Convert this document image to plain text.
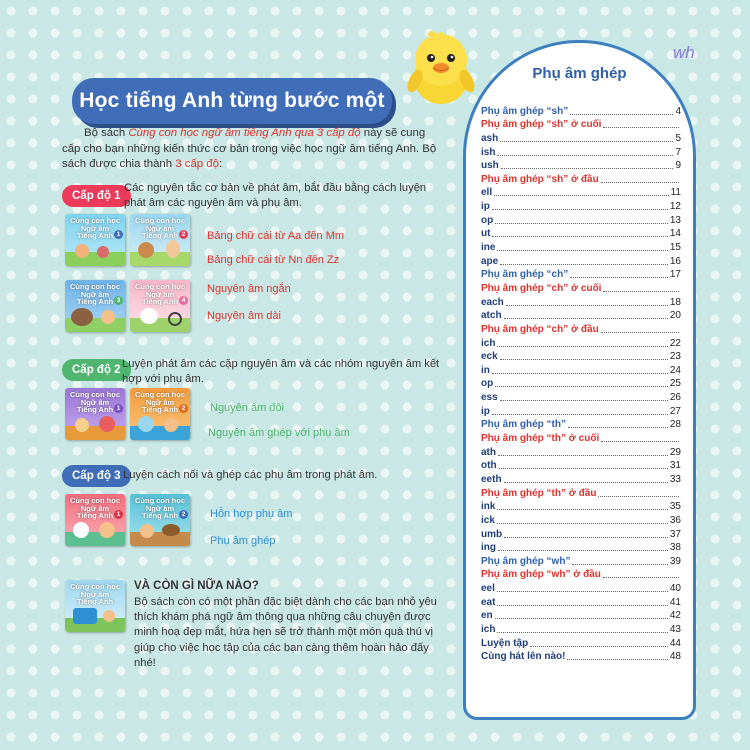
Học tiếng Anh từng bước một
wh
Bộ sách Cùng con học ngữ âm tiếng Anh qua 3 cấp độ này sẽ cung cấp cho bạn những kiến thức cơ bản trong việc học ngữ âm tiếng Anh. Bộ sách được chia thành 3 cấp độ:
Cấp độ 1
Các nguyên tắc cơ bản về phát âm, bắt đầu bằng cách luyện phát âm các nguyên âm và phụ âm.
Cấp độ 2 Luyện phát âm các cặp nguyên âm và các nhóm nguyên âm kết hợp với phụ âm.
Cấp độ 3 Luyện cách nối và ghép các phụ âm trong phát âm.
Cùng con học
Ngữ âm
Tiếng Anh 1
Cùng con học
Ngữ âm
Tiếng Anh 2
Cùng con học
Ngữ âm
Tiếng Anh 3
Cùng con học
Ngữ âm
Tiếng Anh 4
Cùng con học
Ngữ âm
Tiếng Anh 1
Cùng con học
Ngữ âm
Tiếng Anh 2
Cùng con học
Ngữ âm
Tiếng Anh 1
Cùng con học
Ngữ âm
Tiếng Anh 2
Cùng con học
Ngữ âm
Tiếng Anh
Bảng chữ cái từ Aa đến Mm
Bảng chữ cái từ Nn đến Zz
Nguyên âm ngắn
Nguyên âm dài
Nguyên âm đôi
Nguyên âm ghép với phụ âm
Hỗn hợp phụ âm
Phụ âm ghép
VÀ CÒN GÌ NỮA NÀO?
Bộ sách còn có một phần đặc biệt dành cho các bạn nhỏ yêu thích khám phá ngữ âm thông qua những câu chuyện được minh hoạ đẹp mắt, hứa hẹn sẽ trở thành một món quà thú vị giúp cho việc học tập của các bạn càng thêm hoàn hảo đấy nhé!
Phụ âm ghép
Phụ âm ghép “sh”	4
Phụ âm ghép “sh” ở cuối
ash	5
ish	7
ush	9
Phụ âm ghép “sh” ở đầu
ell	11
ip	12
op	13
ut	14
ine	15
ape	16
Phụ âm ghép “ch”	17
Phụ âm ghép “ch” ở cuối
each	18
atch	20
Phụ âm ghép “ch” ở đầu
ich	22
eck	23
in	24
op	25
ess	26
ip	27
Phụ âm ghép “th”	28
Phụ âm ghép “th” ở cuối
ath	29
oth	31
eeth	33
Phụ âm ghép “th” ở đầu
ink	35
ick	36
umb	37
ing	38
Phụ âm ghép “wh”	39
Phụ âm ghép “wh” ở đầu
eel	40
eat	41
en	42
ich	43
Luyện tập	44
Cùng hát lên nào!	48
